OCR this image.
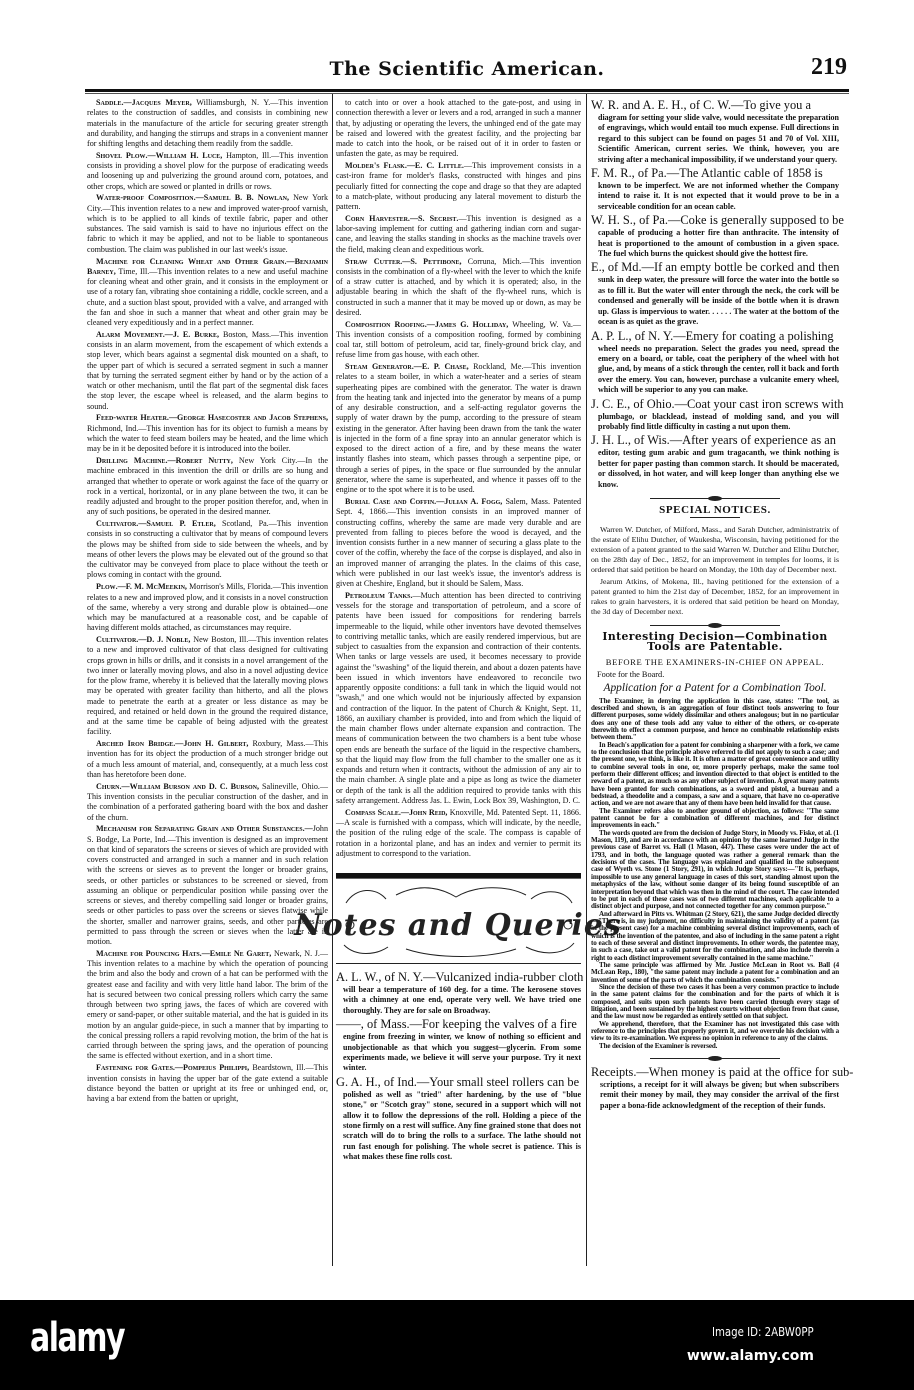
The Scientific American.	219

Saddle.—Jacques Meyer, Williamsburgh, N. Y.—This invention relates to the construction of saddles, and consists in combining new materials in the manufacture of the article for securing greater strength and durability, and hanging the stirrups and straps in a convenient manner for shifting lengths and detaching them readily from the saddle.

Shovel Plow.—William H. Luce, Hampton, Ill.—This invention consists in providing a shovel plow for the purpose of eradicating weeds and loosening up and pulverizing the ground around corn, potatoes, and other crops, which are sowed or planted in drills or rows.

Water-proof Composition.—Samuel B. B. Nowlan, New York City.—This invention relates to a new and improved water-proof varnish, which is to be applied to all kinds of textile fabric, paper and other substances. The said varnish is said to have no injurious effect on the fabric to which it may be applied, and not to be liable to spontaneous combustion. The claim was published in our last week's issue.

Machine for Cleaning Wheat and Other Grain.—Benjamin Barney, Time, Ill.—This invention relates to a new and useful machine for cleaning wheat and other grain, and it consists in the employment or use of a rotary fan, vibrating shoe containing a riddle, cockle screen, and a chute, and a suction blast spout, provided with a valve, and arranged with the fan and shoe in such a manner that wheat and other grain may be cleaned very expeditiously and in a perfect manner.

Alarm Movement.—J. E. Burke, Boston, Mass.—This invention consists in an alarm movement, from the escapement of which extends a stop lever, which bears against a segmental disk mounted on a shaft, to the upper part of which is secured a serrated segment in such a manner that by turning the serrated segment either by hand or by the action of a watch or other mechanism, until the flat part of the segmental disk faces the stop lever, the escape wheel is released, and the alarm begins to sound.

Feed-water Heater.—George Hasecoster and Jacob Stephens, Richmond, Ind.—This invention has for its object to furnish a means by which the water to feed steam boilers may be heated, and the lime which may be in it be deposited before it is introduced into the boiler.

Drilling Machine.—Robert Nutty, New York City.—In the machine embraced in this invention the drill or drills are so hung and arranged that whether to operate or work against the face of the quarry or rock in a vertical, horizontal, or in any plane between the two, it can be readily adjusted and brought to the proper position therefor, and, when in any of such positions, be operated in the desired manner.

Cultivator.—Samuel P. Etler, Scotland, Pa.—This invention consists in so constructing a cultivator that by means of compound levers the plows may be shifted from side to side between the wheels, and by means of other levers the plows may be elevated out of the ground so that the cultivator may be conveyed from place to place without the teeth or plows coming in contact with the ground.

Plow.—F. M. McMeekin, Morrison's Mills, Florida.—This invention relates to a new and improved plow, and it consists in a novel construction of the same, whereby a very strong and durable plow is obtained—one which may be manufactured at a reasonable cost, and be capable of having different molds attached, as circumstances may require.

Cultivator.—D. J. Noble, New Boston, Ill.—This invention relates to a new and improved cultivator of that class designed for cultivating crops grown in hills or drills, and it consists in a novel arrangement of the two inner or laterally moving plows, and also in a novel adjusting device for the plow frame, whereby it is believed that the laterally moving plows may be operated with greater facility than hitherto, and all the plows made to penetrate the earth at a greater or less distance as may be required, and retained or held down in the ground the required distance, and at the same time be capable of being adjusted with the greatest facility.

Arched Iron Bridge.—John H. Gilbert, Roxbury, Mass.—This invention has for its object the production of a much stronger bridge out of a much less amount of material, and, consequently, at a much less cost than has heretofore been done.

Churn.—William Burson and D. C. Burson, Salineville, Ohio.—This invention consists in the peculiar construction of the dasher, and in the combination of a perforated gathering board with the box and dasher of the churn.

Mechanism for Separating Grain and Other Substances.—John S. Bodge, La Porte, Ind.—This invention is designed as an improvement on that kind of separators the screens or sieves of which are provided with covers constructed and arranged in such a manner and in such relation with the screens or sieves as to prevent the longer or broader grains, seeds, or other particles or substances to be screened or sieved, from assuming an oblique or perpendicular position while passing over the screens or sieves, and thereby compelling said longer or broader grains, seeds or other particles to pass over the screens or sieves flatwise while the shorter, smaller and narrower grains, seeds, and other particles are permitted to pass through the screen or sieves when the latter are in motion.

Machine for Pouncing Hats.—Emile Ne Garet, Newark, N. J.—This invention relates to a machine by which the operation of pouncing the brim and also the body and crown of a hat can be performed with the greatest ease and facility and with very little hand labor. The brim of the hat is secured between two conical pressing rollers which carry the same through between two spring jaws, the faces of which are covered with emery or sand-paper, or other suitable material, and the hat is guided in its motion by an angular guide-piece, in such a manner that by imparting to the conical pressing rollers a rapid revolving motion, the brim of the hat is carried through between the spring jaws, and the operation of pouncing the same is effected without exertion, and in a short time.

Fastening for Gates.—Pompeius Philippi, Beardstown, Ill.—This invention consists in having the upper bar of the gate extend a suitable distance beyond the batten or upright at its free or unhinged end, or, having a bar extend from the batten or upright,

to catch into or over a hook attached to the gate-post, and using in connection therewith a lever or levers and a rod, arranged in such a manner that, by adjusting or operating the levers, the unhinged end of the gate may be raised and lowered with the greatest facility, and the projecting bar made to catch into the hook, or be raised out of it in order to fasten or unfasten the gate, as may be required.

Molder's Flask.—E. C. Little.—This improvement consists in a cast-iron frame for molder's flasks, constructed with hinges and pins peculiarly fitted for connecting the cope and drage so that they are adapted to a match-plate, without producing any lateral movement to disturb the pattern.

Corn Harvester.—S. Secrist.—This invention is designed as a labor-saving implement for cutting and gathering indian corn and sugar-cane, and leaving the stalks standing in shocks as the machine travels over the field, making clean and expeditious work.

Straw Cutter.—S. Pettibone, Corruna, Mich.—This invention consists in the combination of a fly-wheel with the lever to which the knife of a straw cutter is attached, and by which it is operated; also, in the adjustable bearing in which the shaft of the fly-wheel runs, which is constructed in such a manner that it may be moved up or down, as may be desired.

Composition Roofing.—James G. Holliday, Wheeling, W. Va.—This invention consists of a composition roofing, formed by combining coal tar, still bottom of petroleum, acid tar, finely-ground brick clay, and refuse lime from gas house, with each other.

Steam Generator.—E. P. Chase, Rockland, Me.—This invention relates to a steam boiler, in which a water-heater and a series of steam superheating pipes are combined with the generator. The water is drawn from the heating tank and injected into the generator by means of a pump of any desirable construction, and a self-acting regulator governs the supply of water drawn by the pump, according to the pressure of steam existing in the generator. After having been drawn from the tank the water is injected in the form of a fine spray into an annular generator which is exposed to the direct action of a fire, and by these means the water instantly flashes into steam, which passes through a serpentine pipe, or through a series of pipes, in the space or flue surrounded by the annular generator, where the same is superheated, and whence it passes off to the engine or to the spot where it is to be used.

Burial Case and Coffin.—Julian A. Fogg, Salem, Mass. Patented Sept. 4, 1866.—This invention consists in an improved manner of constructing coffins, whereby the same are made very durable and are prevented from falling to pieces before the wood is decayed, and the invention consists further in a new manner of securing a glass plate to the cover of the coffin, whereby the face of the corpse is displayed, and also in an improved manner of arranging the plates. In the claims of this case, which were published in our last week's issue, the inventor's address is given at Cheshire, England, but it should be Salem, Mass.

Petroleum Tanks.—Much attention has been directed to contriving vessels for the storage and transportation of petroleum, and a score of patents have been issued for compositions for rendering barrels impermeable to the liquid, while other inventors have devoted themselves to contriving metallic tanks, which are easily rendered impervious, but are subject to casualties from the expansion and contraction of their contents. When tanks or large vessels are used, it becomes necessary to provide against the "swashing" of the liquid therein, and about a dozen patents have been issued in which inventors have endeavored to reconcile two apparently opposite conditions: a full tank in which the liquid would not "swash," and one which would not be injuriously affected by expansion and contraction of the liquor. In the patent of Church & Knight, Sept. 11, 1866, an auxiliary chamber is provided, into and from which the liquid of the main chamber flows under alternate expansion and contraction. The means of communication between the two chambers is a bent tube whose open ends are beneath the surface of the liquid in the respective chambers, so that the liquid may flow from the full chamber to the smaller one as it expands and return when it contracts, without the admission of any air to the main chamber. A single plate and a pipe as long as twice the diameter or depth of the tank is all the addition required to provide tanks with this safety arrangement. Address Jas. L. Ewin, Lock Box 39, Washington, D. C.

Compass Scale.—John Reid, Knoxville, Md. Patented Sept. 11, 1866.—A scale is furnished with a compass, which will indicate, by the needle, the position of the ruling edge of the scale. The compass is capable of rotation in a horizontal plane, and has an index and vernier to permit its adjustment to correspond to the variation.

Notes and Queries
A. L. W., of N. Y.—Vulcanized india-rubber cloth
will bear a temperature of 160 deg. for a time. The kerosene stoves with a chimney at one end, operate very well. We have tried one thoroughly. They are for sale on Broadway.
——, of Mass.—For keeping the valves of a fire
engine from freezing in winter, we know of nothing so efficient and unobjectionable as that which you suggest—glycerin. From some experiments made, we believe it will serve your purpose. Try it next winter.
G. A. H., of Ind.—Your small steel rollers can be
polished as well as "tried" after hardening, by the use of "blue stone," or "Scotch gray" stone, secured in a support which will not allow it to follow the depressions of the roll. Holding a piece of the stone firmly on a rest will suffice. Any fine grained stone that does not scratch will do to bring the rolls to a surface. The lathe should not run fast enough for polishing. The whole secret is patience. This is what makes these fine rolls cost.
W. R. and A. E. H., of C. W.—To give you a
diagram for setting your slide valve, would necessitate the preparation of engravings, which would entail too much expense. Full directions in regard to this subject can be found on pages 51 and 70 of Vol. XIII, Scientific American, current series. We think, however, you are striving after a mechanical impossibility, if we understand your query.
F. M. R., of Pa.—The Atlantic cable of 1858 is
known to be imperfect. We are not informed whether the Company intend to raise it. It is not expected that it would prove to be in a serviceable condition for an ocean cable.
W. H. S., of Pa.—Coke is generally supposed to be
capable of producing a hotter fire than anthracite. The intensity of heat is proportioned to the amount of combustion in a given space. The fuel which burns the quickest should give the hottest fire.
E., of Md.—If an empty bottle be corked and then
sunk in deep water, the pressure will force the water into the bottle so as to fill it. But the water will enter through the neck, the cork will be condensed and generally will be inside of the bottle when it is drawn up. Glass is impervious to water. . . . . . The water at the bottom of the ocean is as quiet as the grave.
A. P. L., of N. Y.—Emery for coating a polishing
wheel needs no preparation. Select the grades you need, spread the emery on a board, or table, coat the periphery of the wheel with hot glue, and, by means of a stick through the center, roll it back and forth over the emery. You can, however, purchase a vulcanite emery wheel, which will be superior to any you can make.
J. C. E., of Ohio.—Coat your cast iron screws with
plumbago, or blacklead, instead of molding sand, and you will probably find little difficulty in casting a nut upon them.
J. H. L., of Wis.—After years of experience as an
editor, testing gum arabic and gum tragacanth, we think nothing is better for paper pasting than common starch. It should be macerated, or dissolved, in hot water, and will keep longer than anything else we know.
SPECIAL NOTICES.

Warren W. Dutcher, of Milford, Mass., and Sarah Dutcher, administratrix of the estate of Elihu Dutcher, of Waukesha, Wisconsin, having petitioned for the extension of a patent granted to the said Warren W. Dutcher and Elihu Dutcher, on the 28th day of Dec., 1852, for an improvement in temples for looms, it is ordered that said petition be heard on Monday, the 10th day of December next.

Jearum Atkins, of Mokena, Ill., having petitioned for the extension of a patent granted to him the 21st day of December, 1852, for an improvement in rakes to grain harvesters, it is ordered that said petition be heard on Monday, the 3d day of December next.

Interesting Decision—Combination Tools are Patentable.
BEFORE THE EXAMINERS-IN-CHIEF ON APPEAL.
Foote for the Board.
Application for a Patent for a Combination Tool.

The Examiner, in denying the application in this case, states: "The tool, as described and shown, is an aggregation of four distinct tools answering to four different purposes, some widely dissimilar and others analogous; but in no particular does any one of these tools add any value to either of the others, or co-operate therewith to effect a common purpose, and hence no combinable relationship exists between them."

In Beach's application for a patent for combining a sharpener with a fork, we came to the conclusion that the principle above referred to did not apply to such a case; and the present one, we think, is like it. It is often a matter of great convenience and utility to combine several tools in one, or, more properly perhaps, make the same tool perform their different offices; and invention directed to that object is entitled to the reward of a patent, as much so as any other subject of invention. A great many patents have been granted for such combinations, as a sword and pistol, a bureau and a bedstead, a theodolite and a compass, a saw and a square, that have no co-operative action, and we are not aware that any of them have been held invalid for that cause.

The Examiner refers also to another ground of objection, as follows: "The same patent cannot be for a combination of different machines, and for distinct improvements in each."

The words quoted are from the decision of Judge Story, in Moody vs. Fiske, et al. (1 Mason, 119), and are in accordance with an opinion by the same learned Judge in the previous case of Barret vs. Hall (1 Mason, 447). These cases were under the act of 1793, and in both, the language quoted was rather a general remark than the decisions of the cases. The language was explained and qualified in the subsequent case of Wyeth vs. Stone (1 Story, 291), in which Judge Story says:—"It is, perhaps, impossible to use any general language in cases of this sort, standing almost upon the metaphysics of the law, without some danger of its being found susceptible of an interpretation beyond that which was then in the mind of the court. The case intended to be put in each of these cases was of two different machines, each applicable to a distinct object and purpose, and not connected together for any common purpose."

And afterward in Pitts vs. Whitman (2 Story, 621), the same Judge decided directly—"There is, in my judgment, no difficulty in maintaining the validity of a patent (as in the present case) for a machine combining several distinct improvements, each of which is the invention of the patentee, and also of including in the same patent a right to each of these several and distinct improvements. In other words, the patentee may, in such a case, take out a valid patent for the combination, and also include therein a right to each distinct improvement severally contained in the same machine."

The same principle was affirmed by Mr. Justice McLean in Root vs. Ball (4 McLean Rep., 180), "the same patent may include a patent for a combination and an invention of some of the parts of which the combination consists."

Since the decision of these two cases it has been a very common practice to include in the same patent claims for the combination and for the parts of which it is composed, and suits upon such patents have been carried through every stage of litigation, and been sustained by the highest courts without objection from that cause, and the law must now be regarded as entirely settled on that subject.

We apprehend, therefore, that the Examiner has not investigated this case with reference to the principles that properly govern it, and we overrule his decision with a view to its re-examination. We express no opinion in reference to any of the claims.

The decision of the Examiner is reversed.

Receipts.—When money is paid at the office for sub-
scriptions, a receipt for it will always be given; but when subscribers remit their money by mail, they may consider the arrival of the first paper a bona-fide acknowledgment of the reception of their funds.
alamy	Image ID: 2ABW0PP
www.alamy.com
